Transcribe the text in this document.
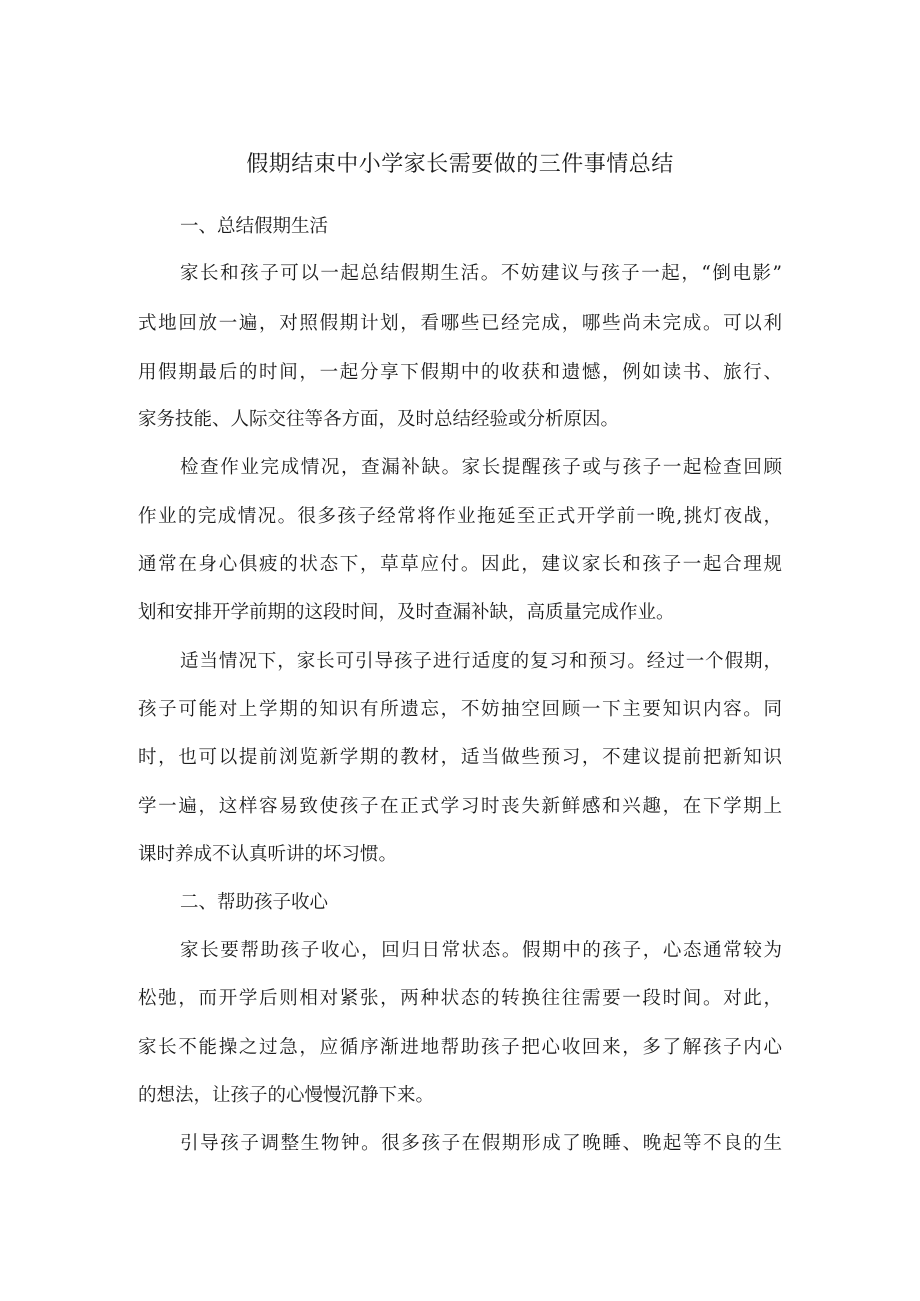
假期结束中小学家长需要做的三件事情总结
一、总结假期生活
家长和孩子可以一起总结假期生活。不妨建议与孩子一起，“倒电影”
式地回放一遍，对照假期计划，看哪些已经完成，哪些尚未完成。可以利
用假期最后的时间，一起分享下假期中的收获和遗憾，例如读书、旅行、
家务技能、人际交往等各方面，及时总结经验或分析原因。
检查作业完成情况，查漏补缺。家长提醒孩子或与孩子一起检查回顾
作业的完成情况。很多孩子经常将作业拖延至正式开学前一晚,挑灯夜战，
通常在身心俱疲的状态下，草草应付。因此，建议家长和孩子一起合理规
划和安排开学前期的这段时间，及时查漏补缺，高质量完成作业。
适当情况下，家长可引导孩子进行适度的复习和预习。经过一个假期，
孩子可能对上学期的知识有所遗忘，不妨抽空回顾一下主要知识内容。同
时，也可以提前浏览新学期的教材，适当做些预习，不建议提前把新知识
学一遍，这样容易致使孩子在正式学习时丧失新鲜感和兴趣，在下学期上
课时养成不认真听讲的坏习惯。
二、帮助孩子收心
家长要帮助孩子收心，回归日常状态。假期中的孩子，心态通常较为
松弛，而开学后则相对紧张，两种状态的转换往往需要一段时间。对此，
家长不能操之过急，应循序渐进地帮助孩子把心收回来，多了解孩子内心
的想法，让孩子的心慢慢沉静下来。
引导孩子调整生物钟。很多孩子在假期形成了晚睡、晚起等不良的生
